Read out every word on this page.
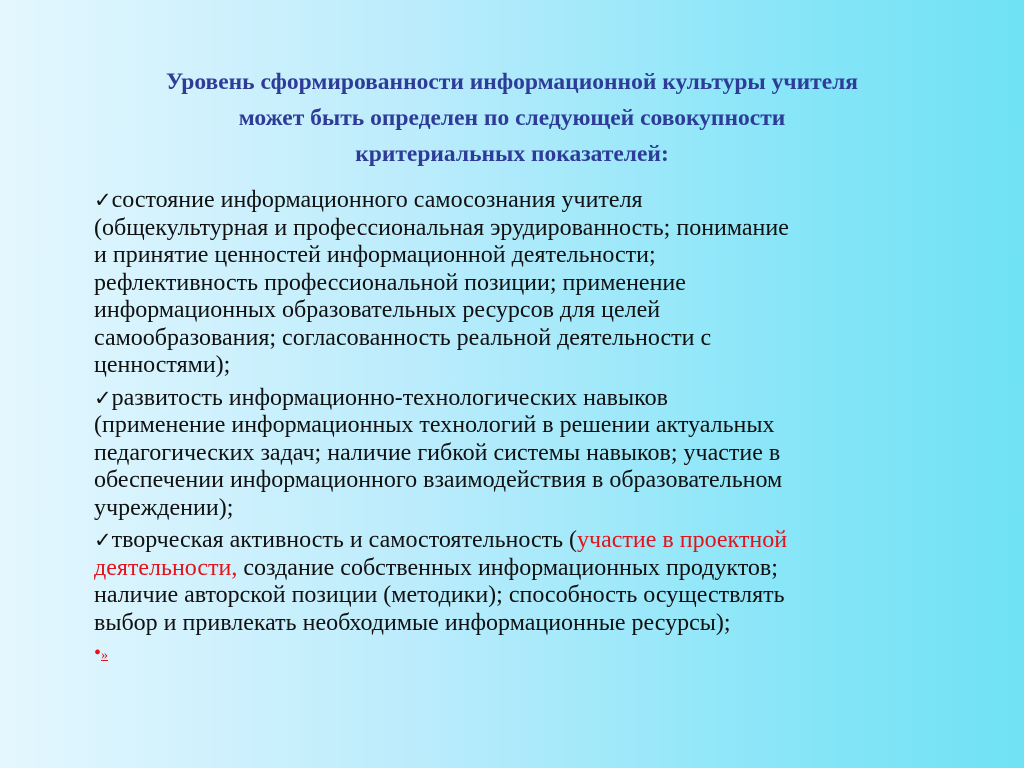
Уровень сформированности информационной культуры учителя
может быть определен по следующей совокупности
критериальных показателей:
✓состояние информационного самосознания учителя
(общекультурная и профессиональная эрудированность; понимание
и принятие ценностей информационной деятельности;
рефлективность профессиональной позиции; применение
информационных образовательных ресурсов для целей
самообразования; согласованность реальной деятельности с
ценностями);
✓развитость информационно-технологических навыков
(применение информационных технологий в решении актуальных
педагогических задач; наличие гибкой системы навыков; участие в
обеспечении информационного взаимодействия в образовательном
учреждении);
✓творческая активность и самостоятельность (участие в проектной
деятельности, создание собственных информационных продуктов;
наличие авторской позиции (методики); способность осуществлять
выбор и привлекать необходимые информационные ресурсы);
•»
